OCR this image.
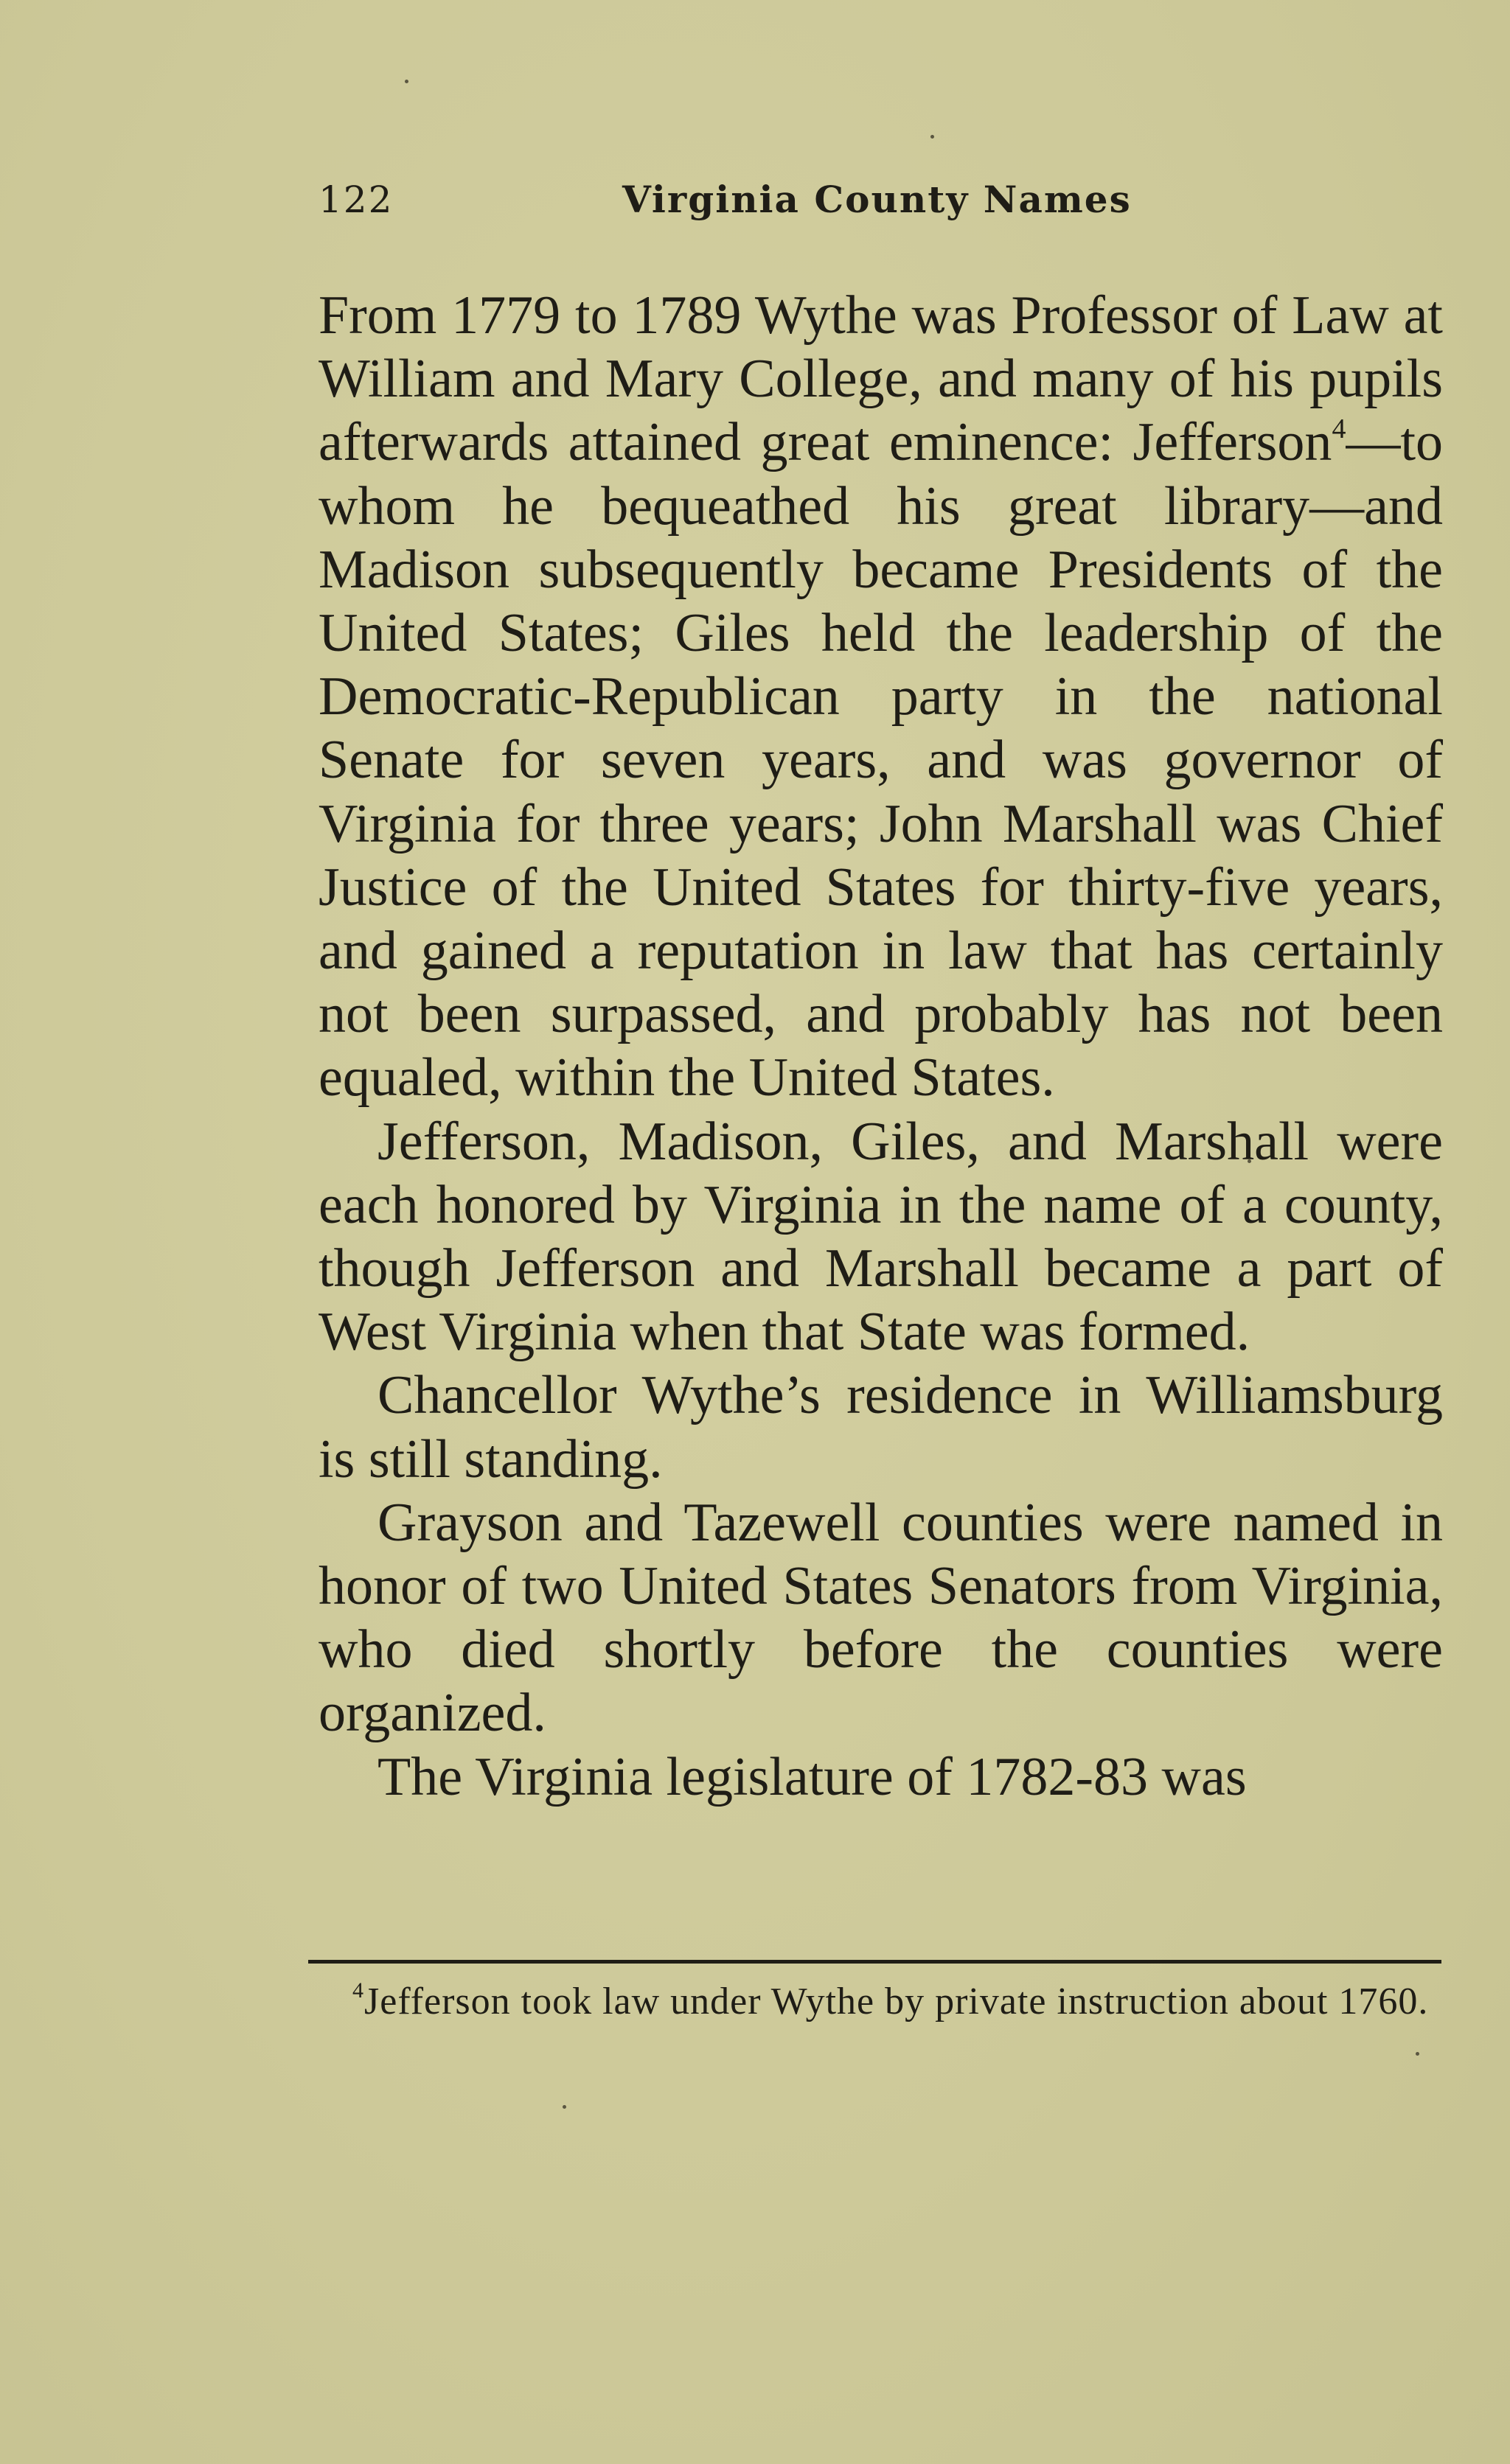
122	Virginia County Names

From 1779 to 1789 Wythe was Professor of Law at William and Mary College, and many of his pupils afterwards attained great eminence: Jefferson$^4$—to whom he bequeathed his great library—and Madison subsequently became Presidents of the United States; Giles held the leadership of the Democratic-Republican party in the national Senate for seven years, and was governor of Virginia for three years; John Marshall was Chief Justice of the United States for thirty-five years, and gained a reputation in law that has certainly not been surpassed, and probably has not been equaled, within the United States.

Jefferson, Madison, Giles, and Marshall were each honored by Virginia in the name of a county, though Jefferson and Marshall became a part of West Virginia when that State was formed.

Chancellor Wythe’s residence in Williamsburg is still standing.

Grayson and Tazewell counties were named in honor of two United States Senators from Virginia, who died shortly before the counties were organized.

The Virginia legislature of 1782-83 was

$^4$Jefferson took law under Wythe by private instruction about 1760.
